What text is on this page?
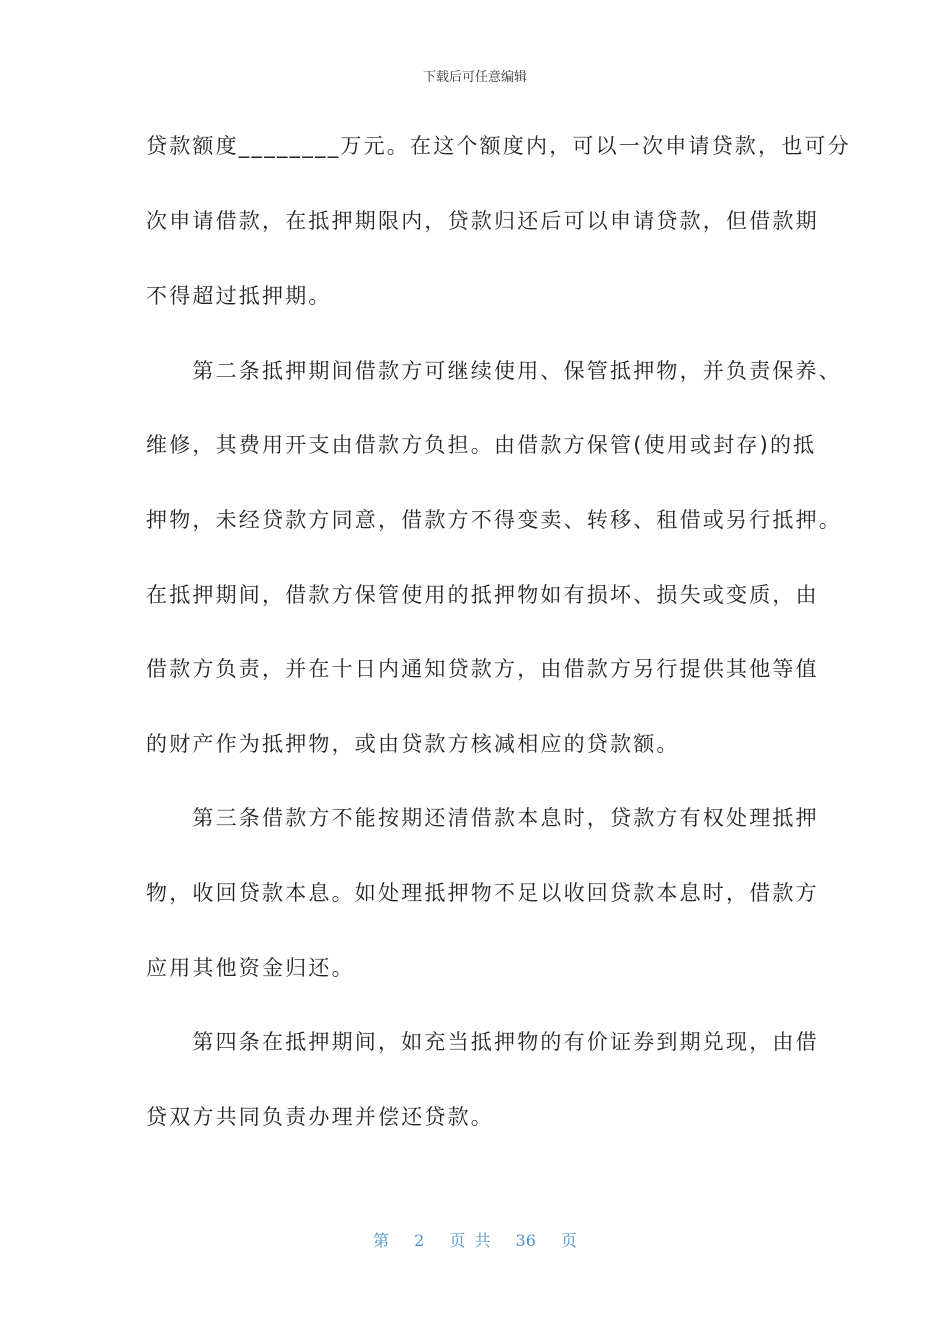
下载后可任意编辑
贷款额度________万元。在这个额度内，可以一次申请贷款，也可分
次申请借款，在抵押期限内，贷款归还后可以申请贷款，但借款期
不得超过抵押期。
　　第二条抵押期间借款方可继续使用、保管抵押物，并负责保养、
维修，其费用开支由借款方负担。由借款方保管(使用或封存)的抵
押物，未经贷款方同意，借款方不得变卖、转移、租借或另行抵押。
在抵押期间，借款方保管使用的抵押物如有损坏、损失或变质，由
借款方负责，并在十日内通知贷款方，由借款方另行提供其他等值
的财产作为抵押物，或由贷款方核减相应的贷款额。
　　第三条借款方不能按期还清借款本息时，贷款方有权处理抵押
物，收回贷款本息。如处理抵押物不足以收回贷款本息时，借款方
应用其他资金归还。
　　第四条在抵押期间，如充当抵押物的有价证券到期兑现，由借
贷双方共同负责办理并偿还贷款。
第 2 页 共 36 页
